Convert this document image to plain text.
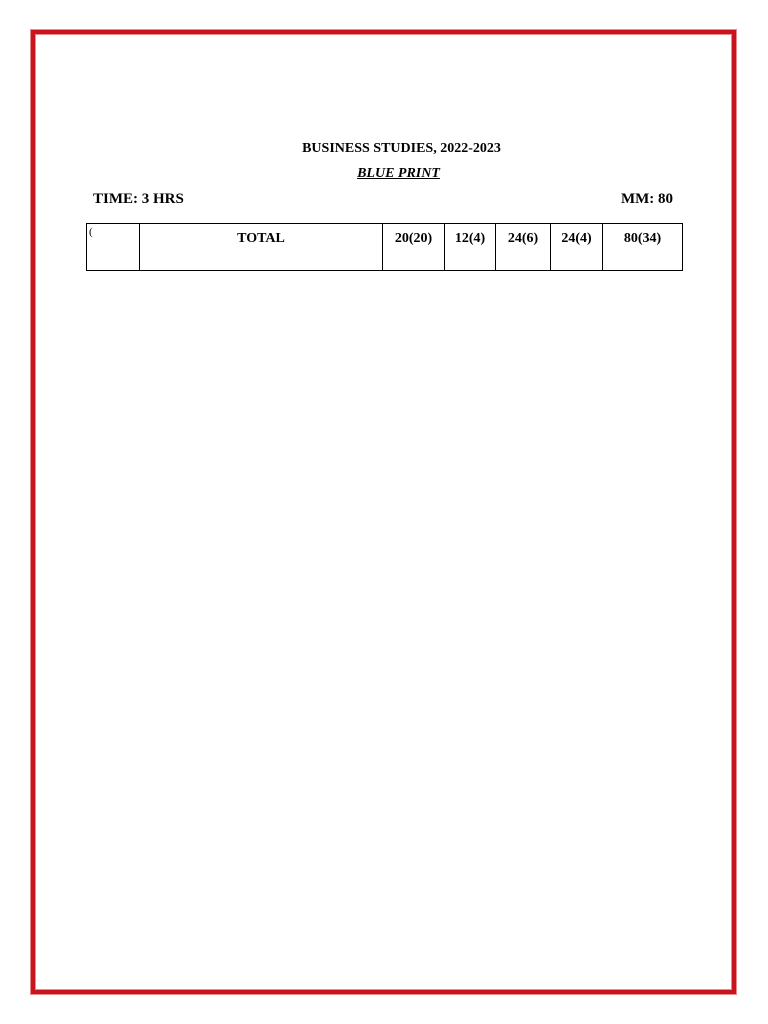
BUSINESS STUDIES, 2022-2023
BLUE PRINT
TIME: 3 HRS	MM: 80
(	TOTAL	20(20)	12(4)	24(6)	24(4)	80(34)
